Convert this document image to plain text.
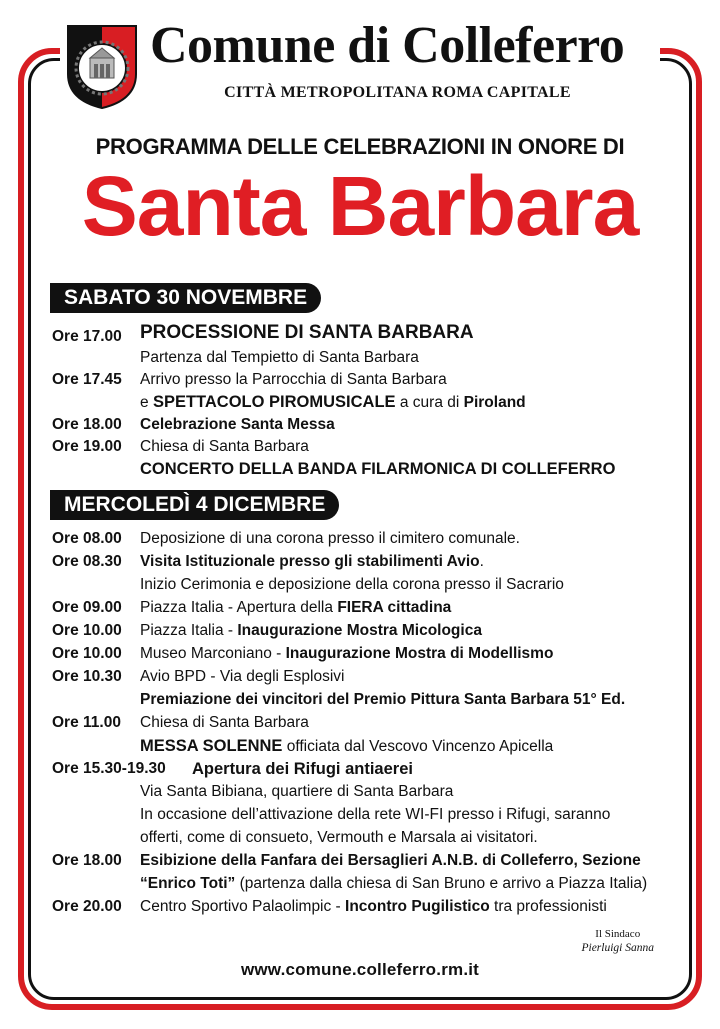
Comune di Colleferro
CITTÀ METROPOLITANA ROMA CAPITALE
PROGRAMMA DELLE CELEBRAZIONI IN ONORE DI
Santa Barbara
SABATO 30 NOVEMBRE
Ore 17.00 PROCESSIONE DI SANTA BARBARA
Partenza dal Tempietto di Santa Barbara
Ore 17.45 Arrivo presso la Parrocchia di Santa Barbara
e SPETTACOLO PIROMUSICALE a cura di Piroland
Ore 18.00 Celebrazione Santa Messa
Ore 19.00 Chiesa di Santa Barbara
CONCERTO DELLA BANDA FILARMONICA DI COLLEFERRO
MERCOLEDÌ 4 DICEMBRE
Ore 08.00 Deposizione di una corona presso il cimitero comunale.
Ore 08.30 Visita Istituzionale presso gli stabilimenti Avio.
Inizio Cerimonia e deposizione della corona presso il Sacrario
Ore 09.00 Piazza Italia - Apertura della FIERA cittadina
Ore 10.00 Piazza Italia - Inaugurazione Mostra Micologica
Ore 10.00 Museo Marconiano - Inaugurazione Mostra di Modellismo
Ore 10.30 Avio BPD - Via degli Esplosivi
Premiazione dei vincitori del Premio Pittura Santa Barbara 51° Ed.
Ore 11.00 Chiesa di Santa Barbara
MESSA SOLENNE officiata dal Vescovo Vincenzo Apicella
Ore 15.30-19.30 Apertura dei Rifugi antiaerei
Via Santa Bibiana, quartiere di Santa Barbara
In occasione dell’attivazione della rete WI-FI presso i Rifugi, saranno
offerti, come di consueto, Vermouth e Marsala ai visitatori.
Ore 18.00 Esibizione della Fanfara dei Bersaglieri A.N.B. di Colleferro, Sezione
“Enrico Toti” (partenza dalla chiesa di San Bruno e arrivo a Piazza Italia)
Ore 20.00 Centro Sportivo Palaolimpic - Incontro Pugilistico tra professionisti
Il Sindaco
Pierluigi Sanna
www.comune.colleferro.rm.it
